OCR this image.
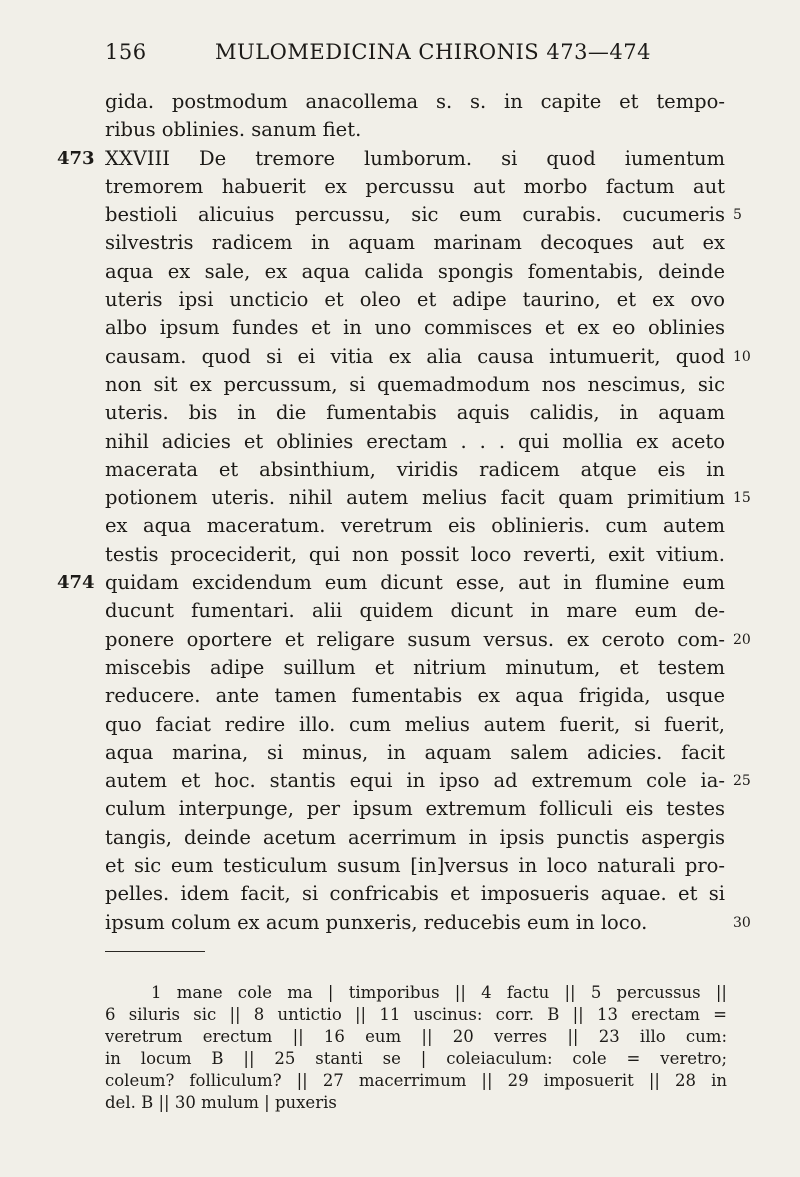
156	MULOMEDICINA CHIRONIS 473—474
gida. postmodum anacollema s. s. in capite et tempo-
ribus oblinies. sanum fiet.
XXVIII De tremore lumborum. si quod iumentum
473
tremorem habuerit ex percussu aut morbo factum aut
bestioli alicuius percussu, sic eum curabis. cucumeris 5
silvestris radicem in aquam marinam decoques aut ex
aqua ex sale, ex aqua calida spongis fomentabis, deinde
uteris ipsi uncticio et oleo et adipe taurino, et ex ovo
albo ipsum fundes et in uno commisces et ex eo oblinies
causam. quod si ei vitia ex alia causa intumuerit, quod 10
non sit ex percussum, si quemadmodum nos nescimus, sic
uteris. bis in die fumentabis aquis calidis, in aquam
nihil adicies et oblinies erectam . . . qui mollia ex aceto
macerata et absinthium, viridis radicem atque eis in
potionem uteris. nihil autem melius facit quam primitium 15
ex aqua maceratum. veretrum eis oblinieris. cum autem
testis proceciderit, qui non possit loco reverti, exit vitium.
quidam excidendum eum dicunt esse, aut in flumine eum
474
ducunt fumentari. alii quidem dicunt in mare eum de-
ponere oportere et religare susum versus. ex ceroto com- 20
miscebis adipe suillum et nitrium minutum, et testem
reducere. ante tamen fumentabis ex aqua frigida, usque
quo faciat redire illo. cum melius autem fuerit, si fuerit,
aqua marina, si minus, in aquam salem adicies. facit
autem et hoc. stantis equi in ipso ad extremum cole ia- 25
culum interpunge, per ipsum extremum folliculi eis testes
tangis, deinde acetum acerrimum in ipsis punctis aspergis
et sic eum testiculum susum [in]versus in loco naturali pro-
pelles. idem facit, si confricabis et imposueris aquae. et si
ipsum colum ex acum punxeris, reducebis eum in loco.	30
1 mane cole ma | timporibus || 4 factu || 5 percussus ||
6 siluris sic || 8 untictio || 11 uscinus: corr. B || 13 erectam =
veretrum erectum || 16 eum || 20 verres || 23 illo cum:
in locum B || 25 stanti se | coleiaculum: cole = veretro;
coleum? folliculum? || 27 macerrimum || 29 imposuerit || 28 in
del. B || 30 mulum | puxeris
